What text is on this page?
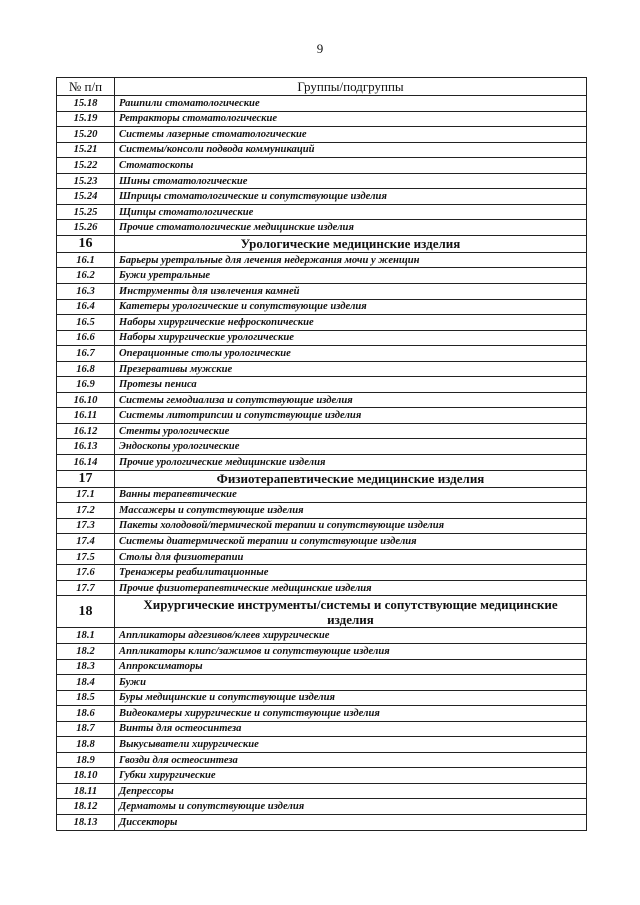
9
№ п/п	Группы/подгруппы
15.18	Рашпили стоматологические
15.19	Ретракторы стоматологические
15.20	Системы лазерные стоматологические
15.21	Системы/консоли подвода коммуникаций
15.22	Стоматоскопы
15.23	Шины стоматологические
15.24	Шприцы стоматологические и сопутствующие изделия
15.25	Щипцы стоматологические
15.26	Прочие стоматологические медицинские изделия
16	Урологические медицинские изделия
16.1	Барьеры уретральные для лечения недержания мочи у женщин
16.2	Бужи уретральные
16.3	Инструменты для извлечения камней
16.4	Катетеры урологические и сопутствующие изделия
16.5	Наборы хирургические нефроскопические
16.6	Наборы хирургические урологические
16.7	Операционные столы урологические
16.8	Презервативы мужские
16.9	Протезы пениса
16.10	Системы гемодиализа и сопутствующие изделия
16.11	Системы литотрипсии и сопутствующие изделия
16.12	Стенты урологические
16.13	Эндоскопы урологические
16.14	Прочие урологические медицинские изделия
17	Физиотерапевтические медицинские изделия
17.1	Ванны терапевтические
17.2	Массажеры и сопутствующие изделия
17.3	Пакеты холодовой/термической терапии и сопутствующие изделия
17.4	Системы диатермической терапии и сопутствующие изделия
17.5	Столы для физиотерапии
17.6	Тренажеры реабилитационные
17.7	Прочие физиотерапевтические медицинские изделия
18	Хирургические инструменты/системы и сопутствующие медицинские изделия
18.1	Аппликаторы адгезивов/клеев хирургические
18.2	Аппликаторы клипс/зажимов и сопутствующие изделия
18.3	Аппроксиматоры
18.4	Бужи
18.5	Буры медицинские и сопутствующие изделия
18.6	Видеокамеры хирургические и сопутствующие изделия
18.7	Винты для остеосинтеза
18.8	Выкусыватели хирургические
18.9	Гвозди для остеосинтеза
18.10	Губки хирургические
18.11	Депрессоры
18.12	Дерматомы и сопутствующие изделия
18.13	Диссекторы
